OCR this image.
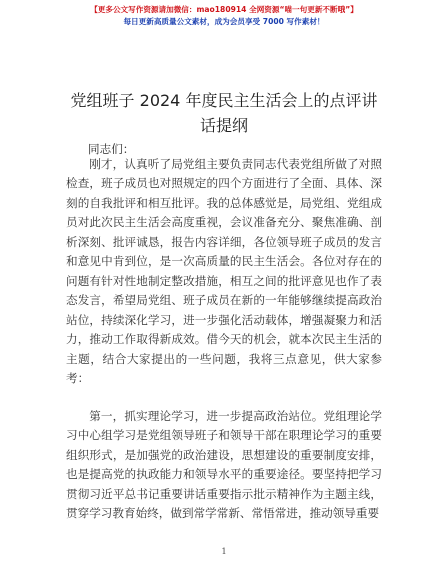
【更多公文写作资源请加微信：mao180914 全网资源“喵一句更新不断哦”】
每日更新高质量公文素材，成为会员享受 7000 写作素材！
党组班子 2024 年度民主生活会上的点评讲话提纲
同志们：

刚才，认真听了局党组主要负责同志代表党组所做了对照检查，班子成员也对照规定的四个方面进行了全面、具体、深刻的自我批评和相互批评。我的总体感觉是，局党组、党组成员对此次民主生活会高度重视，会议准备充分、聚焦准确、剖析深刻、批评诚恳，报告内容详细，各位领导班子成员的发言和意见中肯到位，是一次高质量的民主生活会。各位对存在的问题有针对性地制定整改措施，相互之间的批评意见也作了表态发言，希望局党组、班子成员在新的一年能够继续提高政治站位，持续深化学习，进一步强化活动载体，增强凝聚力和活力，推动工作取得新成效。借今天的机会，就本次民主生活的主题，结合大家提出的一些问题，我将三点意见，供大家参考：

第一，抓实理论学习，进一步提高政治站位。党组理论学习中心组学习是党组领导班子和领导干部在职理论学习的重要组织形式，是加强党的政治建设，思想建设的重要制度安排，也是提高党的执政能力和领导水平的重要途径。要坚持把学习贯彻习近平总书记重要讲话重要指示批示精神作为主题主线，贯穿学习教育始终，做到常学常新、常悟常进，推动领导重要

1
